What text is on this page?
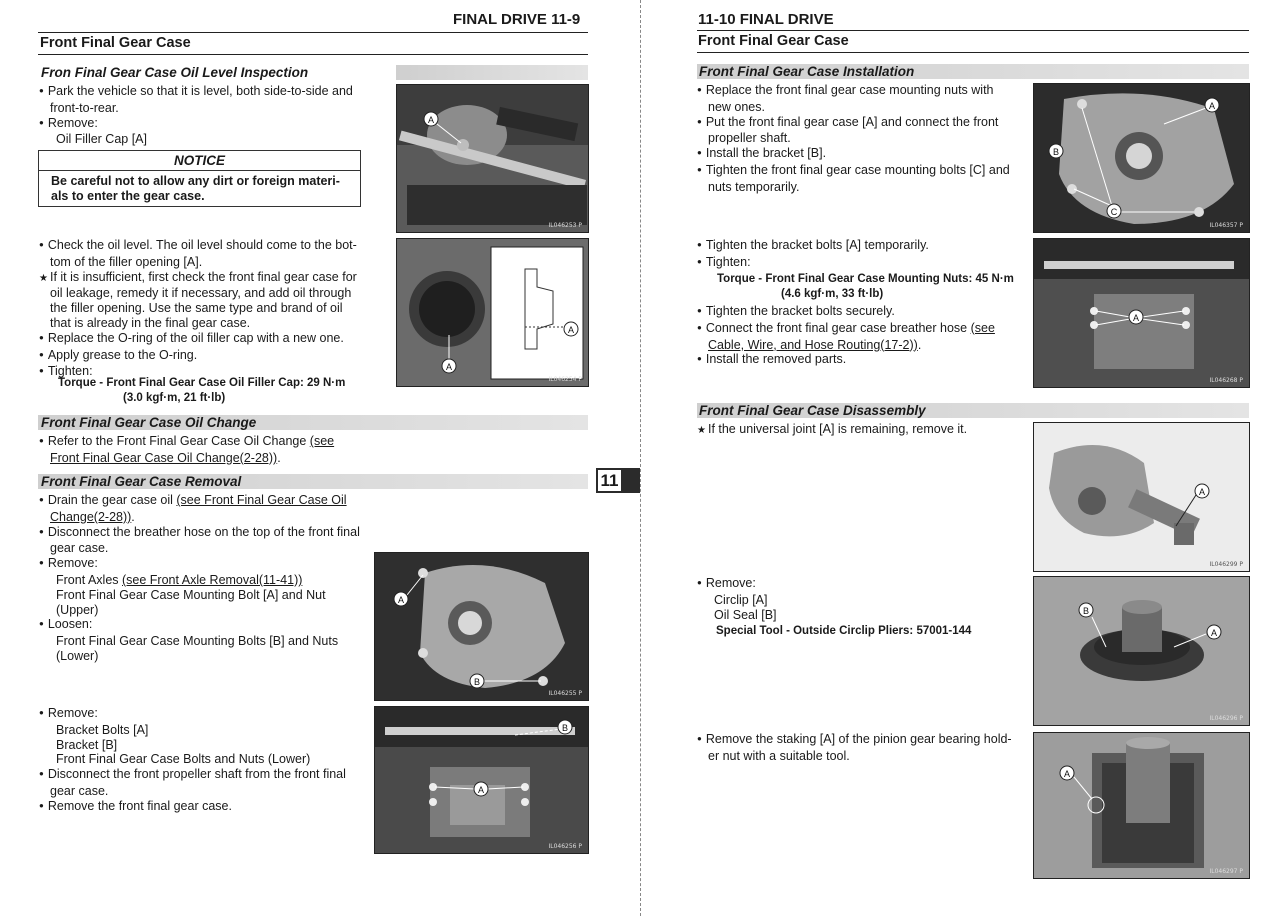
FINAL DRIVE 11-9
Front Final Gear Case
Fron Final Gear Case Oil Level Inspection
● Park the vehicle so that it is level, both side-to-side and
front-to-rear.
● Remove:
Oil Filler Cap [A]
NOTICE
Be careful not to allow any dirt or foreign materi-
als to enter the gear case.
● Check the oil level. The oil level should come to the bot-
tom of the filler opening [A].
★ If it is insufficient, first check the front final gear case for
oil leakage, remedy it if necessary, and add oil through
the filler opening. Use the same type and brand of oil
that is already in the final gear case.
● Replace the O-ring of the oil filler cap with a new one.
● Apply grease to the O-ring.
● Tighten:
Torque - Front Final Gear Case Oil Filler Cap: 29 N·m
(3.0 kgf·m, 21 ft·lb)
A
IL046253 P
A
A
IL046254 P
Front Final Gear Case Oil Change
● Refer to the Front Final Gear Case Oil Change (see
Front Final Gear Case Oil Change(2-28)).
Front Final Gear Case Removal
● Drain the gear case oil (see Front Final Gear Case Oil
Change(2-28)).
● Disconnect the breather hose on the top of the front final
gear case.
● Remove:
Front Axles (see Front Axle Removal(11-41))
Front Final Gear Case Mounting Bolt [A] and Nut
(Upper)
● Loosen:
Front Final Gear Case Mounting Bolts [B] and Nuts
(Lower)
● Remove:
Bracket Bolts [A]
Bracket [B]
Front Final Gear Case Bolts and Nuts (Lower)
● Disconnect the front propeller shaft from the front final
gear case.
● Remove the front final gear case.
A
B
IL046255 P
A
B
IL046256 P
11
11-10 FINAL DRIVE
Front Final Gear Case
Front Final Gear Case Installation
● Replace the front final gear case mounting nuts with
new ones.
● Put the front final gear case [A] and connect the front
propeller shaft.
● Install the bracket [B].
● Tighten the front final gear case mounting bolts [C] and
nuts temporarily.
● Tighten the bracket bolts [A] temporarily.
● Tighten:
Torque - Front Final Gear Case Mounting Nuts: 45 N·m
(4.6 kgf·m, 33 ft·lb)
● Tighten the bracket bolts securely.
● Connect the front final gear case breather hose (see
Cable, Wire, and Hose Routing(17-2)).
● Install the removed parts.
A
B
C
IL046357 P
A
IL046268 P
Front Final Gear Case Disassembly
★ If the universal joint [A] is remaining, remove it.
● Remove:
Circlip [A]
Oil Seal [B]
Special Tool - Outside Circlip Pliers: 57001-144
● Remove the staking [A] of the pinion gear bearing hold-
er nut with a suitable tool.
A
IL046299 P
B
A
IL046296 P
A
IL046297 P
